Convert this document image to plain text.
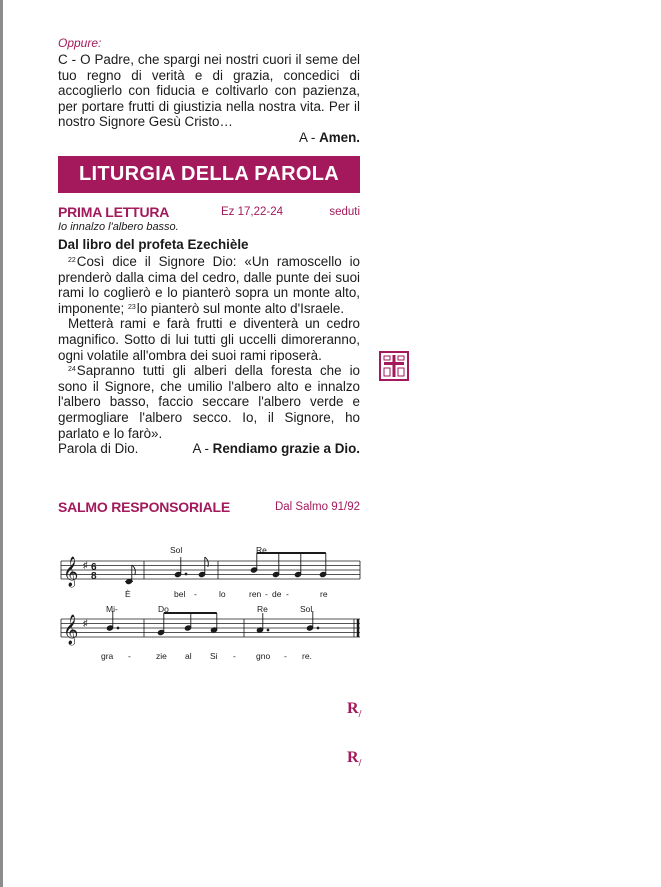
Oppure:

C - O Padre, che spargi nei nostri cuori il seme del tuo regno di verità e di grazia, concedici di accoglierlo con fiducia e coltivarlo con pazienza, per portare frutti di giustizia nella nostra vita. Per il nostro Signore Gesù Cristo…

A - Amen.

LITURGIA DELLA PAROLA
PRIMA LETTURA	Ez 17,22-24	seduti
Io innalzo l'albero basso.
Dal libro del profeta Ezechièle

$^{22}$Così dice il Signore Dio: «Un ramoscello io prenderò dalla cima del cedro, dalle punte dei suoi rami lo coglierò e lo pianterò sopra un monte alto, imponente; $^{23}$lo pianterò sul monte alto d'Israele.

Metterà rami e farà frutti e diventerà un cedro magnifico. Sotto di lui tutti gli uccelli dimoreranno, ogni volatile all'ombra dei suoi rami riposerà.

$^{24}$Sapranno tutti gli alberi della foresta che io sono il Signore, che umilio l'albero alto e innalzo l'albero basso, faccio seccare l'albero verde e germogliare l'albero secco. Io, il Signore, ho parlato e lo farò».

Parola di Dio.	A -
Rendiamo grazie a Dio.

SALMO RESPONSORIALE	Dal Salmo 91/92
𝄞 ♯ 6
8
Sol	Re
È	bel -	lo	ren - de -	re
𝄞 ♯
Mi-	Do	Re	Sol
gra -	zie al Si - gno - re.
$R_/$
$R_/$
